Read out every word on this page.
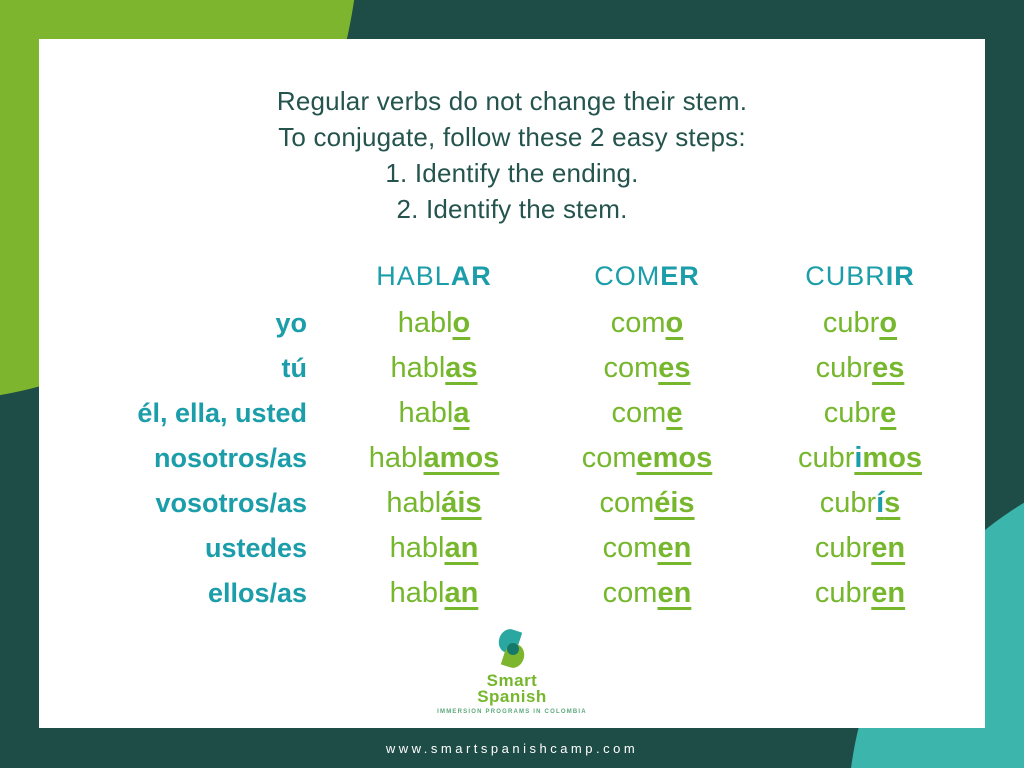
Regular verbs do not change their stem.
To conjugate, follow these 2 easy steps:
1. Identify the ending.
2. Identify the stem.
HABLAR	COMER	CUBRIR
yo	hablo	como	cubro
tú	hablas	comes	cubres
él, ella, usted	habla	come	cubre
nosotros/as	hablamos	comemos	cubrimos
vosotros/as	habláis	coméis	cubrís
ustedes	hablan	comen	cubren
ellos/as	hablan	comen	cubren
Smart
Spanish
IMMERSION PROGRAMS IN COLOMBIA
www.smartspanishcamp.com
